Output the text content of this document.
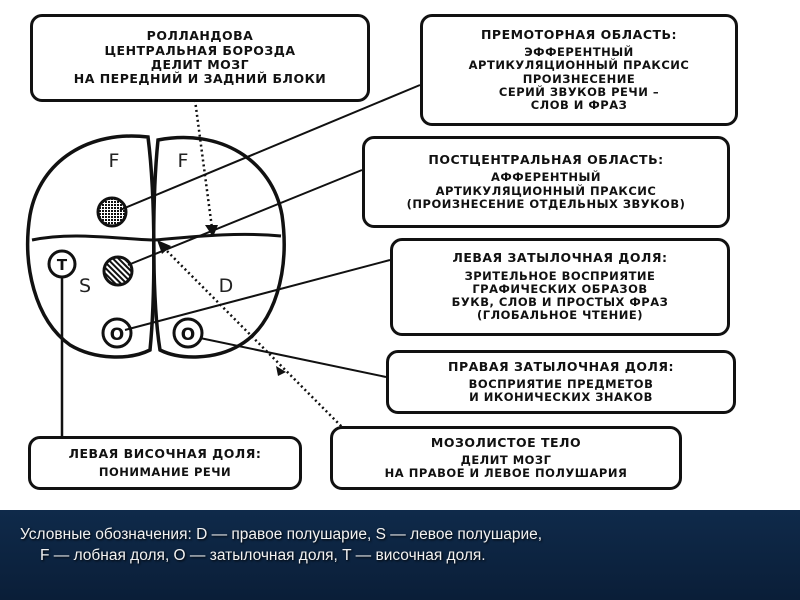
F	F
S	D
T
O	O
РОЛЛАНДОВА
ЦЕНТРАЛЬНАЯ БОРОЗДА
ДЕЛИТ МОЗГ
НА ПЕРЕДНИЙ И ЗАДНИЙ БЛОКИ
ПРЕМОТОРНАЯ ОБЛАСТЬ:
ЭФФЕРЕНТНЫЙ
АРТИКУЛЯЦИОННЫЙ ПРАКСИС
ПРОИЗНЕСЕНИЕ
СЕРИЙ ЗВУКОВ РЕЧИ –
СЛОВ И ФРАЗ
ПОСТЦЕНТРАЛЬНАЯ ОБЛАСТЬ:
АФФЕРЕНТНЫЙ
АРТИКУЛЯЦИОННЫЙ ПРАКСИС
(ПРОИЗНЕСЕНИЕ ОТДЕЛЬНЫХ ЗВУКОВ)
ЛЕВАЯ ЗАТЫЛОЧНАЯ ДОЛЯ:
ЗРИТЕЛЬНОЕ ВОСПРИЯТИЕ
ГРАФИЧЕСКИХ ОБРАЗОВ
БУКВ, СЛОВ И ПРОСТЫХ ФРАЗ
(ГЛОБАЛЬНОЕ ЧТЕНИЕ)
ПРАВАЯ ЗАТЫЛОЧНАЯ ДОЛЯ:
ВОСПРИЯТИЕ ПРЕДМЕТОВ
И ИКОНИЧЕСКИХ ЗНАКОВ
ЛЕВАЯ ВИСОЧНАЯ ДОЛЯ:
ПОНИМАНИЕ РЕЧИ
МОЗОЛИСТОЕ ТЕЛО
ДЕЛИТ МОЗГ
НА ПРАВОЕ И ЛЕВОЕ ПОЛУШАРИЯ

Условные обозначения: D — правое полушарие, S — левое полушарие,
F — лобная доля, O — затылочная доля, T — височная доля.
